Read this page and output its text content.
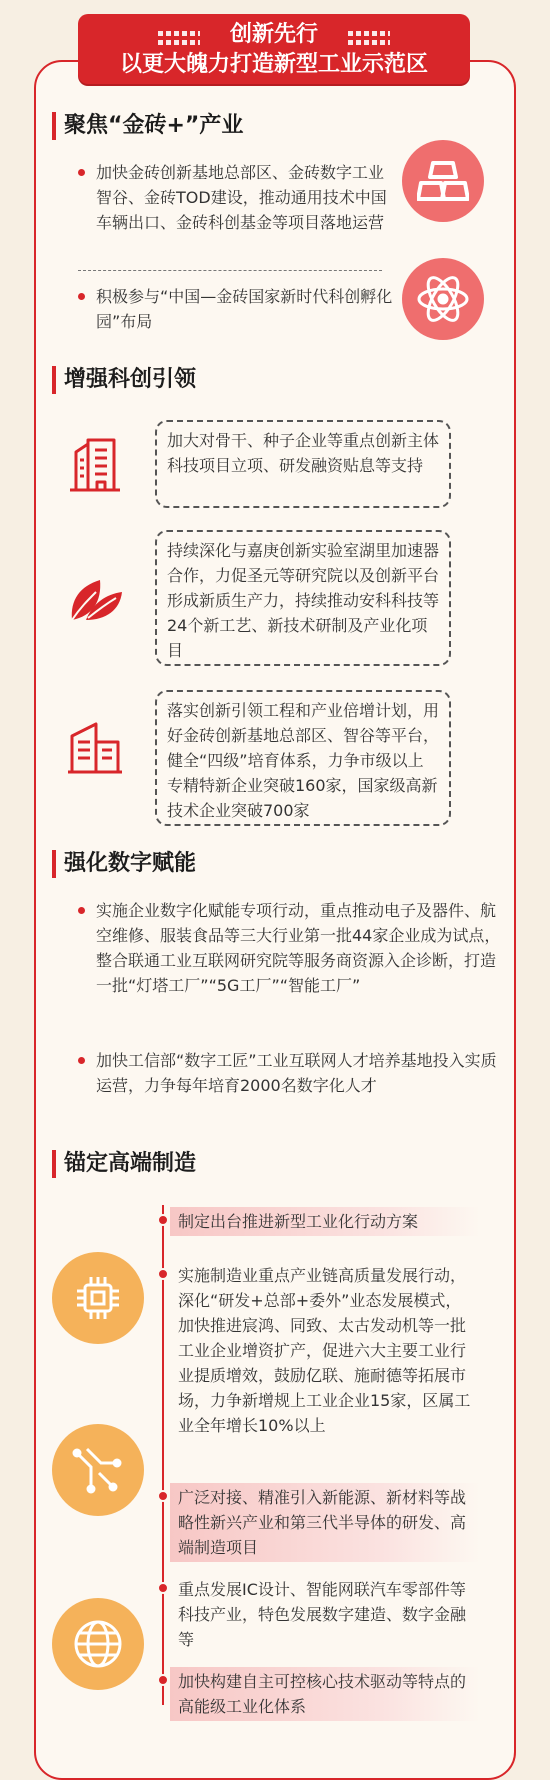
创新先行
以更大魄力打造新型工业示范区
聚焦“金砖+”产业
加快金砖创新基地总部区、金砖数字工业智谷、金砖TOD建设，推动通用技术中国车辆出口、金砖科创基金等项目落地运营
积极参与“中国—金砖国家新时代科创孵化园”布局
增强科创引领
加大对骨干、种子企业等重点创新主体科技项目立项、研发融资贴息等支持
持续深化与嘉庚创新实验室湖里加速器合作，力促圣元等研究院以及创新平台形成新质生产力，持续推动安科科技等24个新工艺、新技术研制及产业化项目
落实创新引领工程和产业倍增计划，用好金砖创新基地总部区、智谷等平台，健全“四级”培育体系，力争市级以上专精特新企业突破160家，国家级高新技术企业突破700家
强化数字赋能
实施企业数字化赋能专项行动，重点推动电子及器件、航空维修、服装食品等三大行业第一批44家企业成为试点，整合联通工业互联网研究院等服务商资源入企诊断，打造一批“灯塔工厂”“5G工厂”“智能工厂”
加快工信部“数字工匠”工业互联网人才培养基地投入实质运营，力争每年培育2000名数字化人才
锚定高端制造
制定出台推进新型工业化行动方案
实施制造业重点产业链高质量发展行动，深化“研发+总部+委外”业态发展模式，加快推进宸鸿、同致、太古发动机等一批工业企业增资扩产，促进六大主要工业行业提质增效，鼓励亿联、施耐德等拓展市场，力争新增规上工业企业15家，区属工业全年增长10%以上
广泛对接、精准引入新能源、新材料等战略性新兴产业和第三代半导体的研发、高端制造项目
重点发展IC设计、智能网联汽车零部件等科技产业，特色发展数字建造、数字金融等
加快构建自主可控核心技术驱动等特点的高能级工业化体系
